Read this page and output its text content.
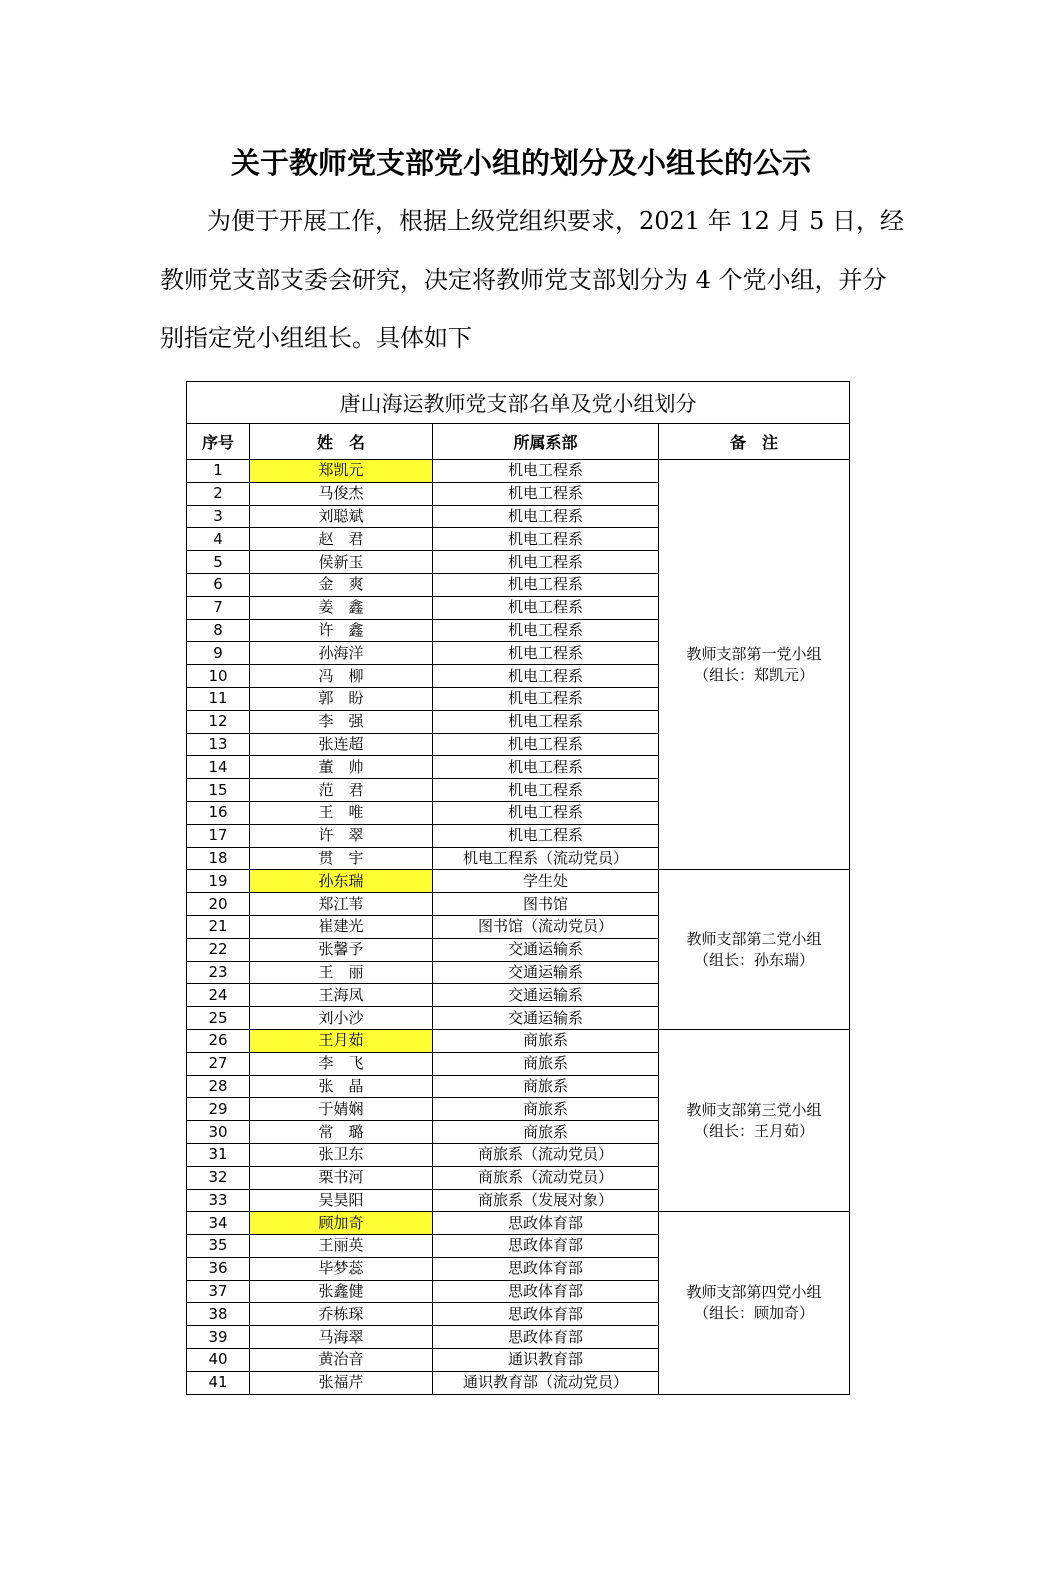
关于教师党支部党小组的划分及小组长的公示
为便于开展工作，根据上级党组织要求，2021 年 12 月 5 日，经
教师党支部支委会研究，决定将教师党支部划分为 4 个党小组，并分
别指定党小组组长。具体如下
唐山海运教师党支部名单及党小组划分			
序号	姓　名	所属系部	备　注
1	郑凯元	机电工程系	教师支部第一党小组
（组长：郑凯元）

2	马俊杰	机电工程系	
3	刘聪斌	机电工程系	
4	赵　君	机电工程系	
5	侯新玉	机电工程系	
6	金　爽	机电工程系	
7	姜　鑫	机电工程系	
8	许　鑫	机电工程系	
9	孙海洋	机电工程系	
10	冯　柳	机电工程系	
11	郭　盼	机电工程系	
12	李　强	机电工程系	
13	张连超	机电工程系	
14	董　帅	机电工程系	
15	范　君	机电工程系	
16	王　唯	机电工程系	
17	许　翠	机电工程系	
18	贯　宇	机电工程系（流动党员）	
19	孙东瑞	学生处	教师支部第二党小组
（组长：孙东瑞）

20	郑江苇	图书馆	
21	崔建光	图书馆（流动党员）	
22	张馨予	交通运输系	
23	王　丽	交通运输系	
24	王海凤	交通运输系	
25	刘小沙	交通运输系	
26	王月茹	商旅系	教师支部第三党小组
（组长：王月茹）

27	李　飞	商旅系	
28	张　晶	商旅系	
29	于婧娴	商旅系	
30	常　璐	商旅系	
31	张卫东	商旅系（流动党员）	
32	栗书河	商旅系（流动党员）	
33	吴昊阳	商旅系（发展对象）	
34	顾加奇	思政体育部	教师支部第四党小组
（组长：顾加奇）

35	王丽英	思政体育部	
36	毕梦蕊	思政体育部	
37	张鑫健	思政体育部	
38	乔栋琛	思政体育部	
39	马海翠	思政体育部	
40	黄治音	通识教育部	
41	张福芹	通识教育部（流动党员）	
